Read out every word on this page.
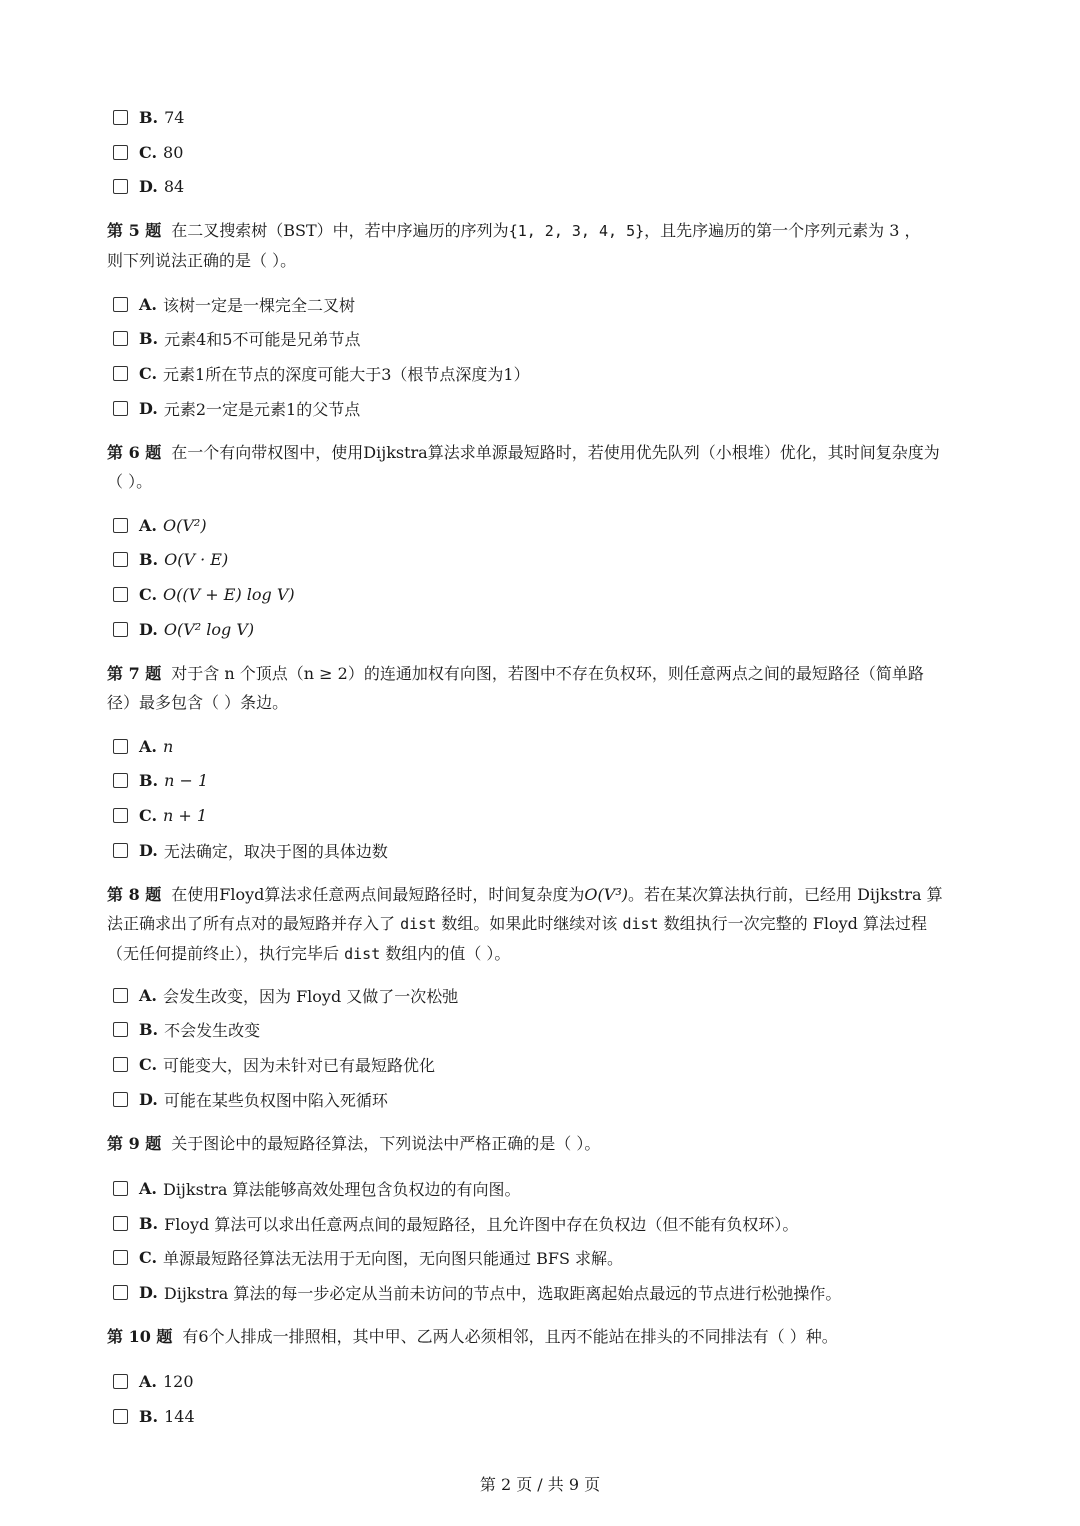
B. 74
C. 80
D. 84
第 5 题 在二叉搜索树（BST）中，若中序遍历的序列为{1, 2, 3, 4, 5}，且先序遍历的第一个序列元素为 3 ，
则下列说法正确的是（ ）。
A. 该树一定是一棵完全二叉树
B. 元素4和5不可能是兄弟节点
C. 元素1所在节点的深度可能大于3（根节点深度为1）
D. 元素2一定是元素1的父节点
第 6 题 在一个有向带权图中，使用Dijkstra算法求单源最短路时，若使用优先队列（小根堆）优化，其时间复杂度为
（ ）。
A. O(V²)
B. O(V · E)
C. O((V + E) log V)
D. O(V² log V)
第 7 题 对于含 n 个顶点（n ≥ 2）的连通加权有向图，若图中不存在负权环，则任意两点之间的最短路径（简单路
径）最多包含（ ）条边。
A. n
B. n − 1
C. n + 1
D. 无法确定，取决于图的具体边数
第 8 题 在使用Floyd算法求任意两点间最短路径时，时间复杂度为O(V³)。若在某次算法执行前，已经用 Dijkstra 算
法正确求出了所有点对的最短路并存入了 dist 数组。如果此时继续对该 dist 数组执行一次完整的 Floyd 算法过程
（无任何提前终止），执行完毕后 dist 数组内的值（ ）。
A. 会发生改变，因为 Floyd 又做了一次松弛
B. 不会发生改变
C. 可能变大，因为未针对已有最短路优化
D. 可能在某些负权图中陷入死循环
第 9 题 关于图论中的最短路径算法，下列说法中严格正确的是（ ）。
A. Dijkstra 算法能够高效处理包含负权边的有向图。
B. Floyd 算法可以求出任意两点间的最短路径，且允许图中存在负权边（但不能有负权环）。
C. 单源最短路径算法无法用于无向图，无向图只能通过 BFS 求解。
D. Dijkstra 算法的每一步必定从当前未访问的节点中，选取距离起始点最远的节点进行松弛操作。
第 10 题 有6个人排成一排照相，其中甲、乙两人必须相邻，且丙不能站在排头的不同排法有（ ）种。
A. 120
B. 144
第 2 页 / 共 9 页
